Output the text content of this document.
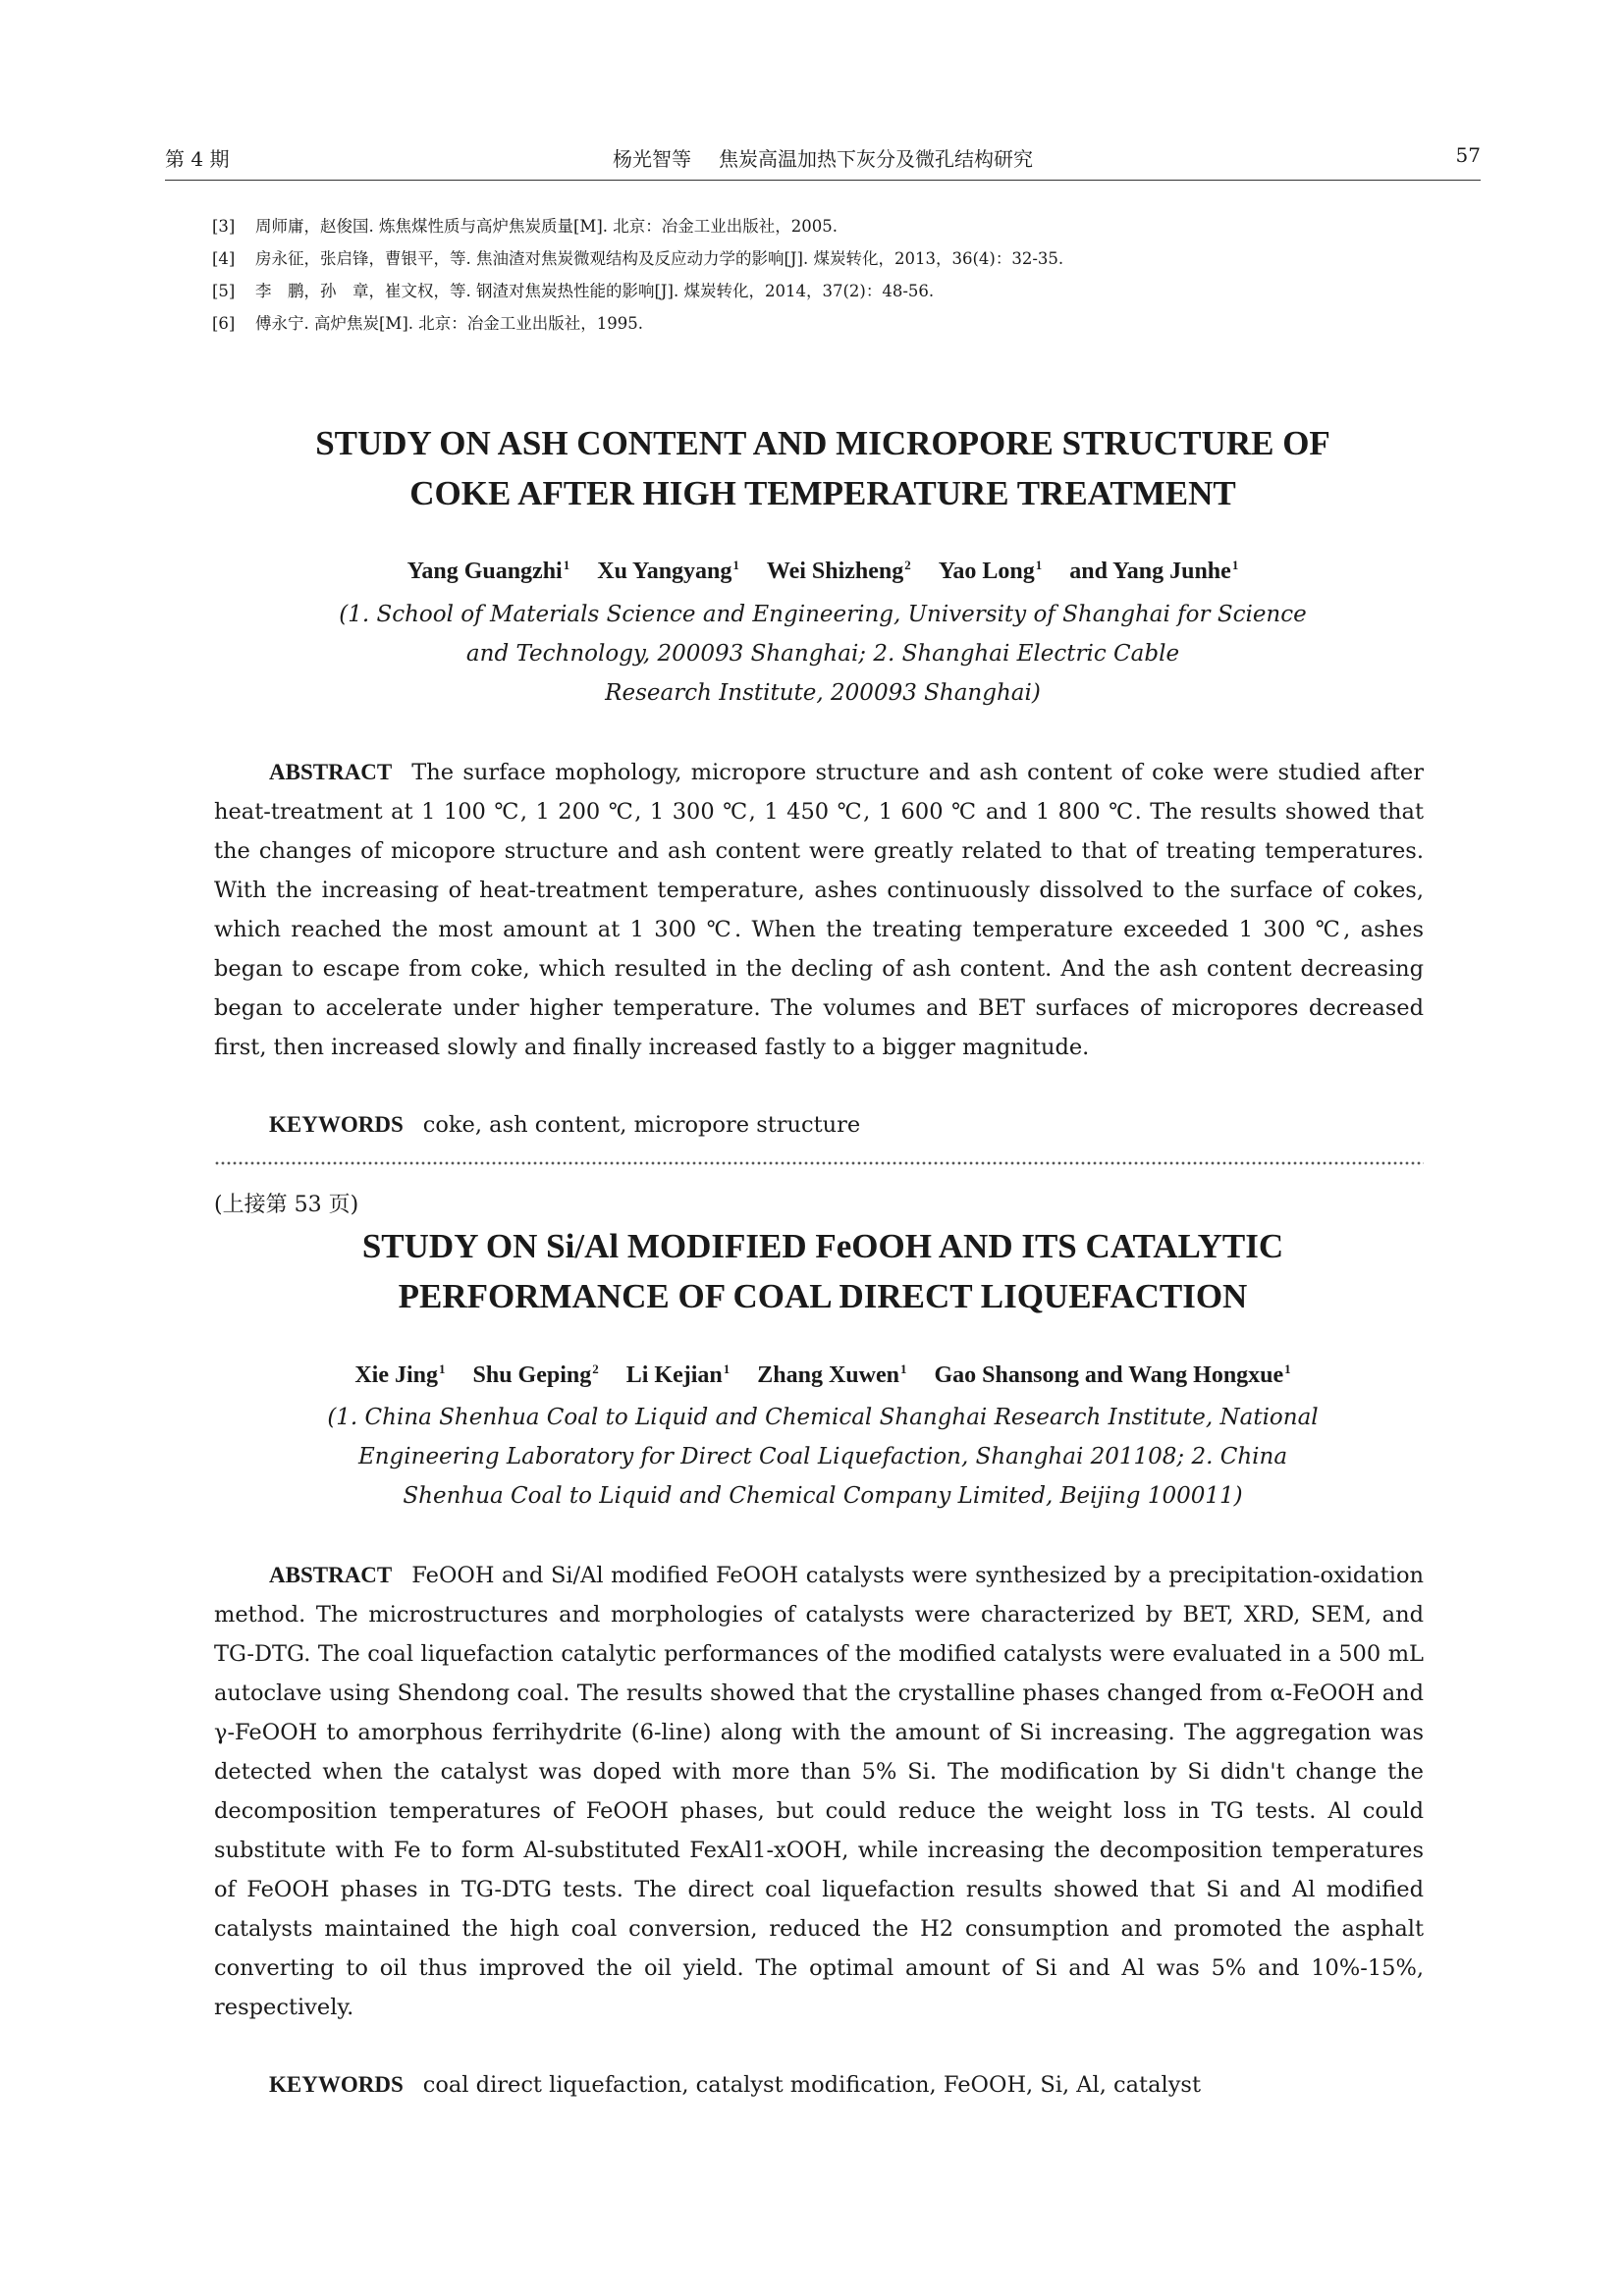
第 4 期	杨光智等 焦炭高温加热下灰分及微孔结构研究	57
[3] 周师庸，赵俊国. 炼焦煤性质与高炉焦炭质量[M]. 北京：冶金工业出版社，2005.
[4] 房永征，张启锋，曹银平，等. 焦油渣对焦炭微观结构及反应动力学的影响[J]. 煤炭转化，2013，36(4)：32-35.
[5] 李　鹏，孙　章，崔文权，等. 钢渣对焦炭热性能的影响[J]. 煤炭转化，2014，37(2)：48-56.
[6] 傅永宁. 高炉焦炭[M]. 北京：冶金工业出版社，1995.
STUDY ON ASH CONTENT AND MICROPORE STRUCTURE OF
COKE AFTER HIGH TEMPERATURE TREATMENT
Yang Guangzhi$^1$ Xu Yangyang$^1$ Wei Shizheng$^2$ Yao Long$^1$ and Yang Junhe$^1$
(1. School of Materials Science and Engineering, University of Shanghai for Science
and Technology, 200093 Shanghai; 2. Shanghai Electric Cable
Research Institute, 200093 Shanghai)
ABSTRACT The surface mophology, micropore structure and ash content of coke were studied after heat-treatment at 1 100 ℃, 1 200 ℃, 1 300 ℃, 1 450 ℃, 1 600 ℃ and 1 800 ℃. The results showed that the changes of micopore structure and ash content were greatly related to that of treating temperatures. With the increasing of heat-treatment temperature, ashes continuously dissolved to the surface of cokes, which reached the most amount at 1 300 ℃. When the treating temperature exceeded 1 300 ℃, ashes began to escape from coke, which resulted in the decling of ash content. And the ash content decreasing began to accelerate under higher temperature. The volumes and BET surfaces of micropores decreased first, then increased slowly and finally increased fastly to a bigger magnitude.
KEYWORDS coke, ash content, micropore structure
(上接第 53 页)
STUDY ON Si/Al MODIFIED FeOOH AND ITS CATALYTIC
PERFORMANCE OF COAL DIRECT LIQUEFACTION
Xie Jing$^1$ Shu Geping$^2$ Li Kejian$^1$ Zhang Xuwen$^1$ Gao Shansong and Wang Hongxue$^1$
(1. China Shenhua Coal to Liquid and Chemical Shanghai Research Institute, National
Engineering Laboratory for Direct Coal Liquefaction, Shanghai 201108; 2. China
Shenhua Coal to Liquid and Chemical Company Limited, Beijing 100011)
ABSTRACT FeOOH and Si/Al modified FeOOH catalysts were synthesized by a precipitation-oxidation method. The microstructures and morphologies of catalysts were characterized by BET, XRD, SEM, and TG-DTG. The coal liquefaction catalytic performances of the modified catalysts were evaluated in a 500 mL autoclave using Shendong coal. The results showed that the crystalline phases changed from α-FeOOH and γ-FeOOH to amorphous ferrihydrite (6-line) along with the amount of Si increasing. The aggregation was detected when the catalyst was doped with more than 5% Si. The modification by Si didn't change the decomposition temperatures of FeOOH phases, but could reduce the weight loss in TG tests. Al could substitute with Fe to form Al-substituted FexAl1-xOOH, while increasing the decomposition temperatures of FeOOH phases in TG-DTG tests. The direct coal liquefaction results showed that Si and Al modified catalysts maintained the high coal conversion, reduced the H2 consumption and promoted the asphalt converting to oil thus improved the oil yield. The optimal amount of Si and Al was 5% and 10%-15%, respectively.
KEYWORDS coal direct liquefaction, catalyst modification, FeOOH, Si, Al, catalyst
